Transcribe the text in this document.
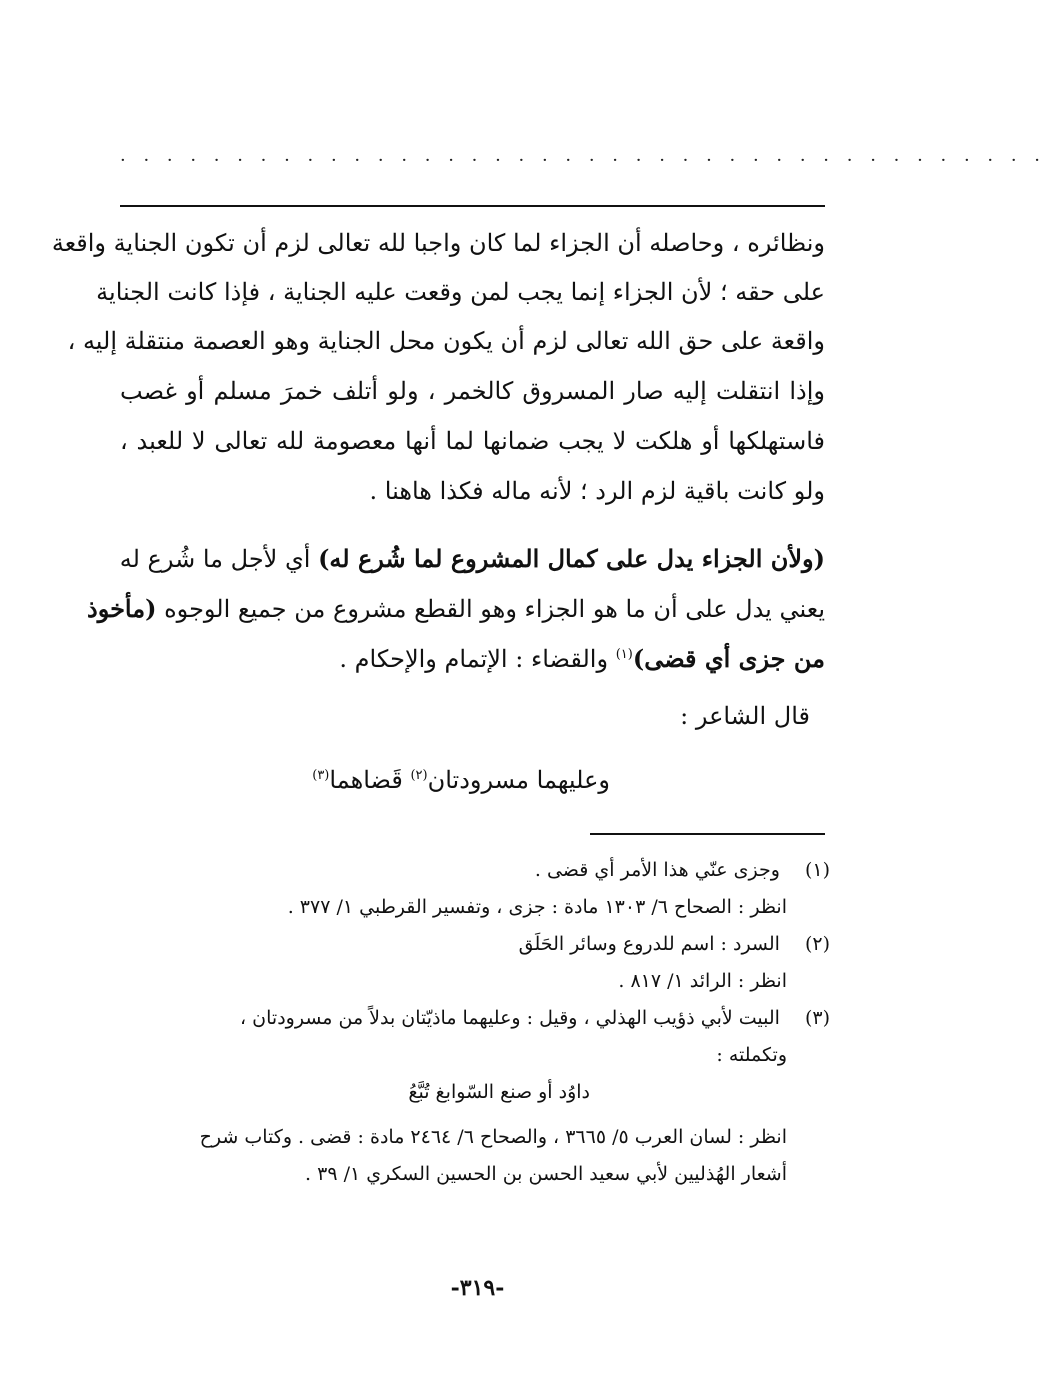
· · · · · · · · · · · · · · · · · · · · · · · · · · · · · · · · · · · · · · · ·
ونظائره ، وحاصله أن الجزاء لما كان واجبا لله تعالى لزم أن تكون الجناية واقعة
على حقه ؛ لأن الجزاء إنما يجب لمن وقعت عليه الجناية ، فإذا كانت الجناية
واقعة على حق الله تعالى لزم أن يكون محل الجناية وهو العصمة منتقلة إليه ،
وإذا انتقلت إليه صار المسروق كالخمر ، ولو أتلف خمرَ مسلم أو غصب
فاستهلكها أو هلكت لا يجب ضمانها لما أنها معصومة لله تعالى لا للعبد ،
ولو كانت باقية لزم الرد ؛ لأنه ماله فكذا هاهنا .
(ولأن الجزاء يدل على كمال المشروع لما شُرع له) أي لأجل ما شُرع له
يعني يدل على أن ما هو الجزاء وهو القطع مشروع من جميع الوجوه (مأخوذ
من جزى أي قضى)$^{(١)}$ والقضاء : الإتمام والإحكام .
قال الشاعر :
وعليهما مسرودتان$^{(٢)}$ قَضاهما$^{(٣)}$
(١) وجزى عنّي هذا الأمر أي قضى .
انظر : الصحاح ٦/ ١٣٠٣ مادة : جزى ، وتفسير القرطبي ١/ ٣٧٧ .
(٢) السرد : اسم للدروع وسائر الحَلَق
انظر : الرائد ١/ ٨١٧ .
(٣) البيت لأبي ذؤيب الهذلي ، وقيل : وعليهما ماذيّتان بدلاً من مسرودتان ،
وتكملته :
داوُد أو صنع السّوابغ تُبَّعُ
انظر : لسان العرب ٥/ ٣٦٦٥ ، والصحاح ٦/ ٢٤٦٤ مادة : قضى . وكتاب شرح
أشعار الهُذليين لأبي سعيد الحسن بن الحسين السكري ١/ ٣٩ .
-٣١٩-
